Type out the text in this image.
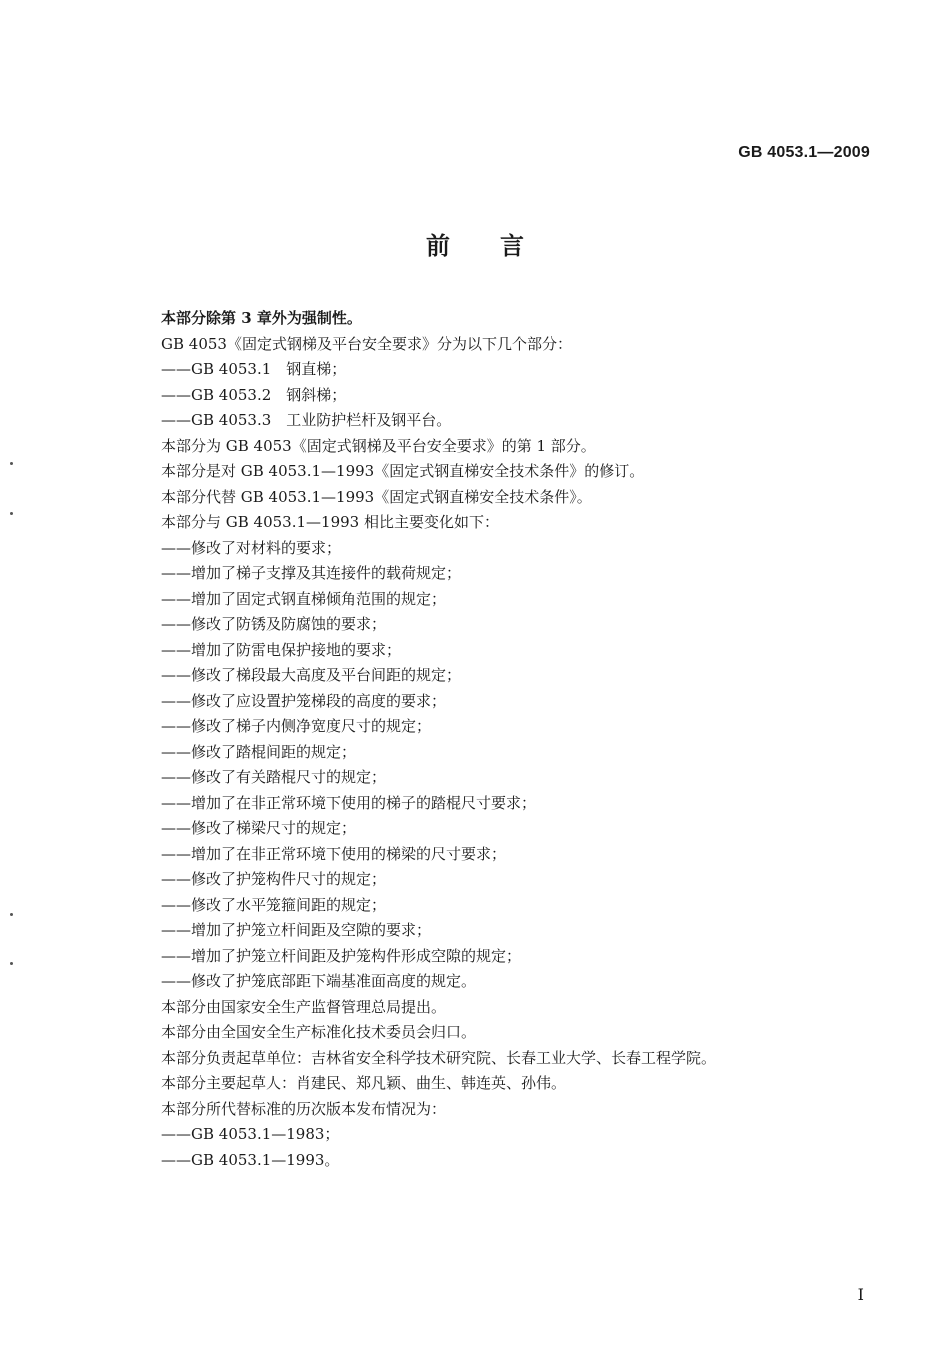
GB 4053.1—2009

前言

本部分除第 3 章外为强制性。

GB 4053《固定式钢梯及平台安全要求》分为以下几个部分：

——GB 4053.1　钢直梯；

——GB 4053.2　钢斜梯；

——GB 4053.3　工业防护栏杆及钢平台。

本部分为 GB 4053《固定式钢梯及平台安全要求》的第 1 部分。

本部分是对 GB 4053.1—1993《固定式钢直梯安全技术条件》的修订。

本部分代替 GB 4053.1—1993《固定式钢直梯安全技术条件》。

本部分与 GB 4053.1—1993 相比主要变化如下：

——修改了对材料的要求；

——增加了梯子支撑及其连接件的载荷规定；

——增加了固定式钢直梯倾角范围的规定；

——修改了防锈及防腐蚀的要求；

——增加了防雷电保护接地的要求；

——修改了梯段最大高度及平台间距的规定；

——修改了应设置护笼梯段的高度的要求；

——修改了梯子内侧净宽度尺寸的规定；

——修改了踏棍间距的规定；

——修改了有关踏棍尺寸的规定；

——增加了在非正常环境下使用的梯子的踏棍尺寸要求；

——修改了梯梁尺寸的规定；

——增加了在非正常环境下使用的梯梁的尺寸要求；

——修改了护笼构件尺寸的规定；

——修改了水平笼箍间距的规定；

——增加了护笼立杆间距及空隙的要求；

——增加了护笼立杆间距及护笼构件形成空隙的规定；

——修改了护笼底部距下端基准面高度的规定。

本部分由国家安全生产监督管理总局提出。

本部分由全国安全生产标准化技术委员会归口。

本部分负责起草单位：吉林省安全科学技术研究院、长春工业大学、长春工程学院。

本部分主要起草人：肖建民、郑凡颖、曲生、韩连英、孙伟。

本部分所代替标准的历次版本发布情况为：

——GB 4053.1—1983；

——GB 4053.1—1993。

I
